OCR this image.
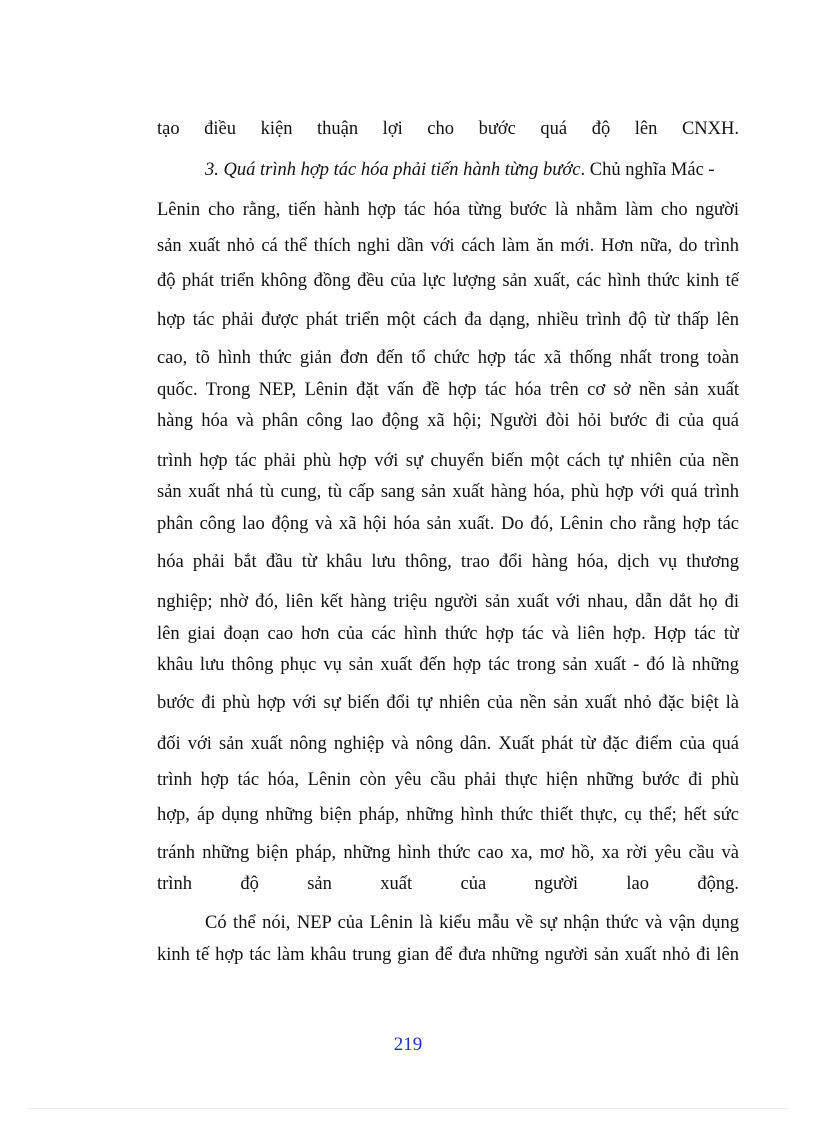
tạo điều kiện thuận lợi cho bước quá độ lên CNXH.
3. Quá trình hợp tác hóa phải tiến hành từng bước. Chủ nghĩa Mác -
Lênin cho rằng, tiến hành hợp tác hóa từng bước là nhằm làm cho người
sản xuất nhỏ cá thể thích nghi dần với cách làm ăn mới. Hơn nữa, do trình
độ phát triển không đồng đều của lực lượng sản xuất, các hình thức kinh tế
hợp tác phải được phát triển một cách đa dạng, nhiều trình độ từ thấp lên
cao, tõ hình thức giản đơn đến tổ chức hợp tác xã thống nhất trong toàn
quốc. Trong NEP, Lênin đặt vấn đề hợp tác hóa trên cơ sở nền sản xuất
hàng hóa và phân công lao động xã hội; Người đòi hỏi bước đi của quá
trình hợp tác phải phù hợp với sự chuyển biến một cách tự nhiên của nền
sản xuất nhá tù cung, tù cấp sang sản xuất hàng hóa, phù hợp với quá trình
phân công lao động và xã hội hóa sản xuất. Do đó, Lênin cho rằng hợp tác
hóa phải bắt đầu từ khâu lưu thông, trao đổi hàng hóa, dịch vụ thương
nghiệp; nhờ đó, liên kết hàng triệu người sản xuất với nhau, dẫn dắt họ đi
lên giai đoạn cao hơn của các hình thức hợp tác và liên hợp. Hợp tác từ
khâu lưu thông phục vụ sản xuất đến hợp tác trong sản xuất - đó là những
bước đi phù hợp với sự biến đổi tự nhiên của nền sản xuất nhỏ đặc biệt là
đối với sản xuất nông nghiệp và nông dân. Xuất phát từ đặc điểm của quá
trình hợp tác hóa, Lênin còn yêu cầu phải thực hiện những bước đi phù
hợp, áp dụng những biện pháp, những hình thức thiết thực, cụ thể; hết sức
tránh những biện pháp, những hình thức cao xa, mơ hồ, xa rời yêu cầu và
trình độ sản xuất của người lao động.
Có thể nói, NEP của Lênin là kiểu mẫu về sự nhận thức và vận dụng
kinh tế hợp tác làm khâu trung gian để đưa những người sản xuất nhỏ đi lên
219
